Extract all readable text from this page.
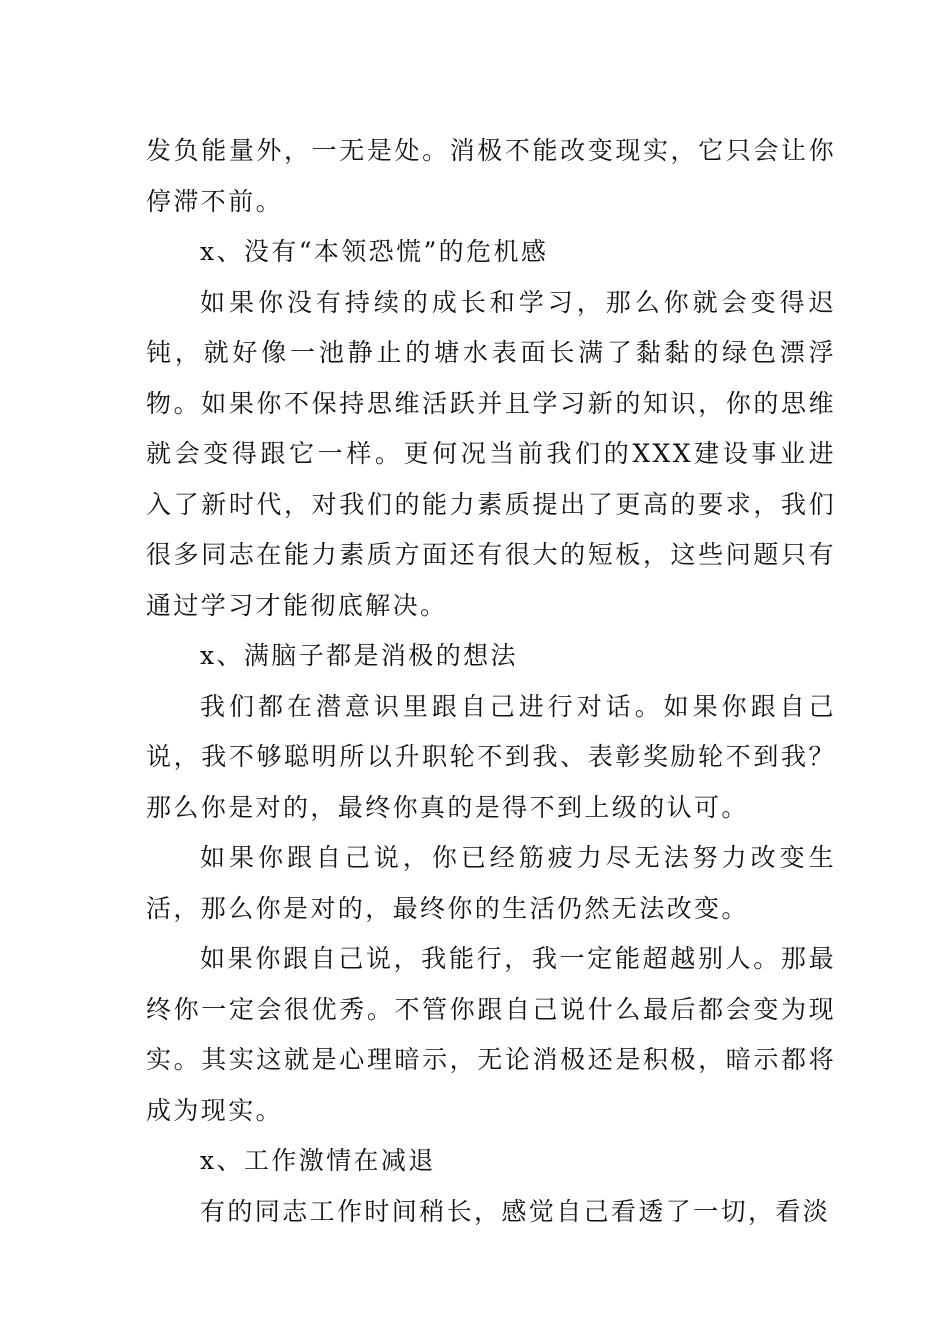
发负能量外，一无是处。消极不能改变现实，它只会让你停滞不前。

x、没有“本领恐慌”的危机感

如果你没有持续的成长和学习，那么你就会变得迟钝，就好像一池静止的塘水表面长满了黏黏的绿色漂浮物。如果你不保持思维活跃并且学习新的知识，你的思维就会变得跟它一样。更何况当前我们的XXX建设事业进入了新时代，对我们的能力素质提出了更高的要求，我们很多同志在能力素质方面还有很大的短板，这些问题只有通过学习才能彻底解决。

x、满脑子都是消极的想法

我们都在潜意识里跟自己进行对话。如果你跟自己说，我不够聪明所以升职轮不到我、表彰奖励轮不到我？那么你是对的，最终你真的是得不到上级的认可。

如果你跟自己说，你已经筋疲力尽无法努力改变生活，那么你是对的，最终你的生活仍然无法改变。

如果你跟自己说，我能行，我一定能超越别人。那最终你一定会很优秀。不管你跟自己说什么最后都会变为现实。其实这就是心理暗示，无论消极还是积极，暗示都将成为现实。

x、工作激情在减退

有的同志工作时间稍长，感觉自己看透了一切，看淡
